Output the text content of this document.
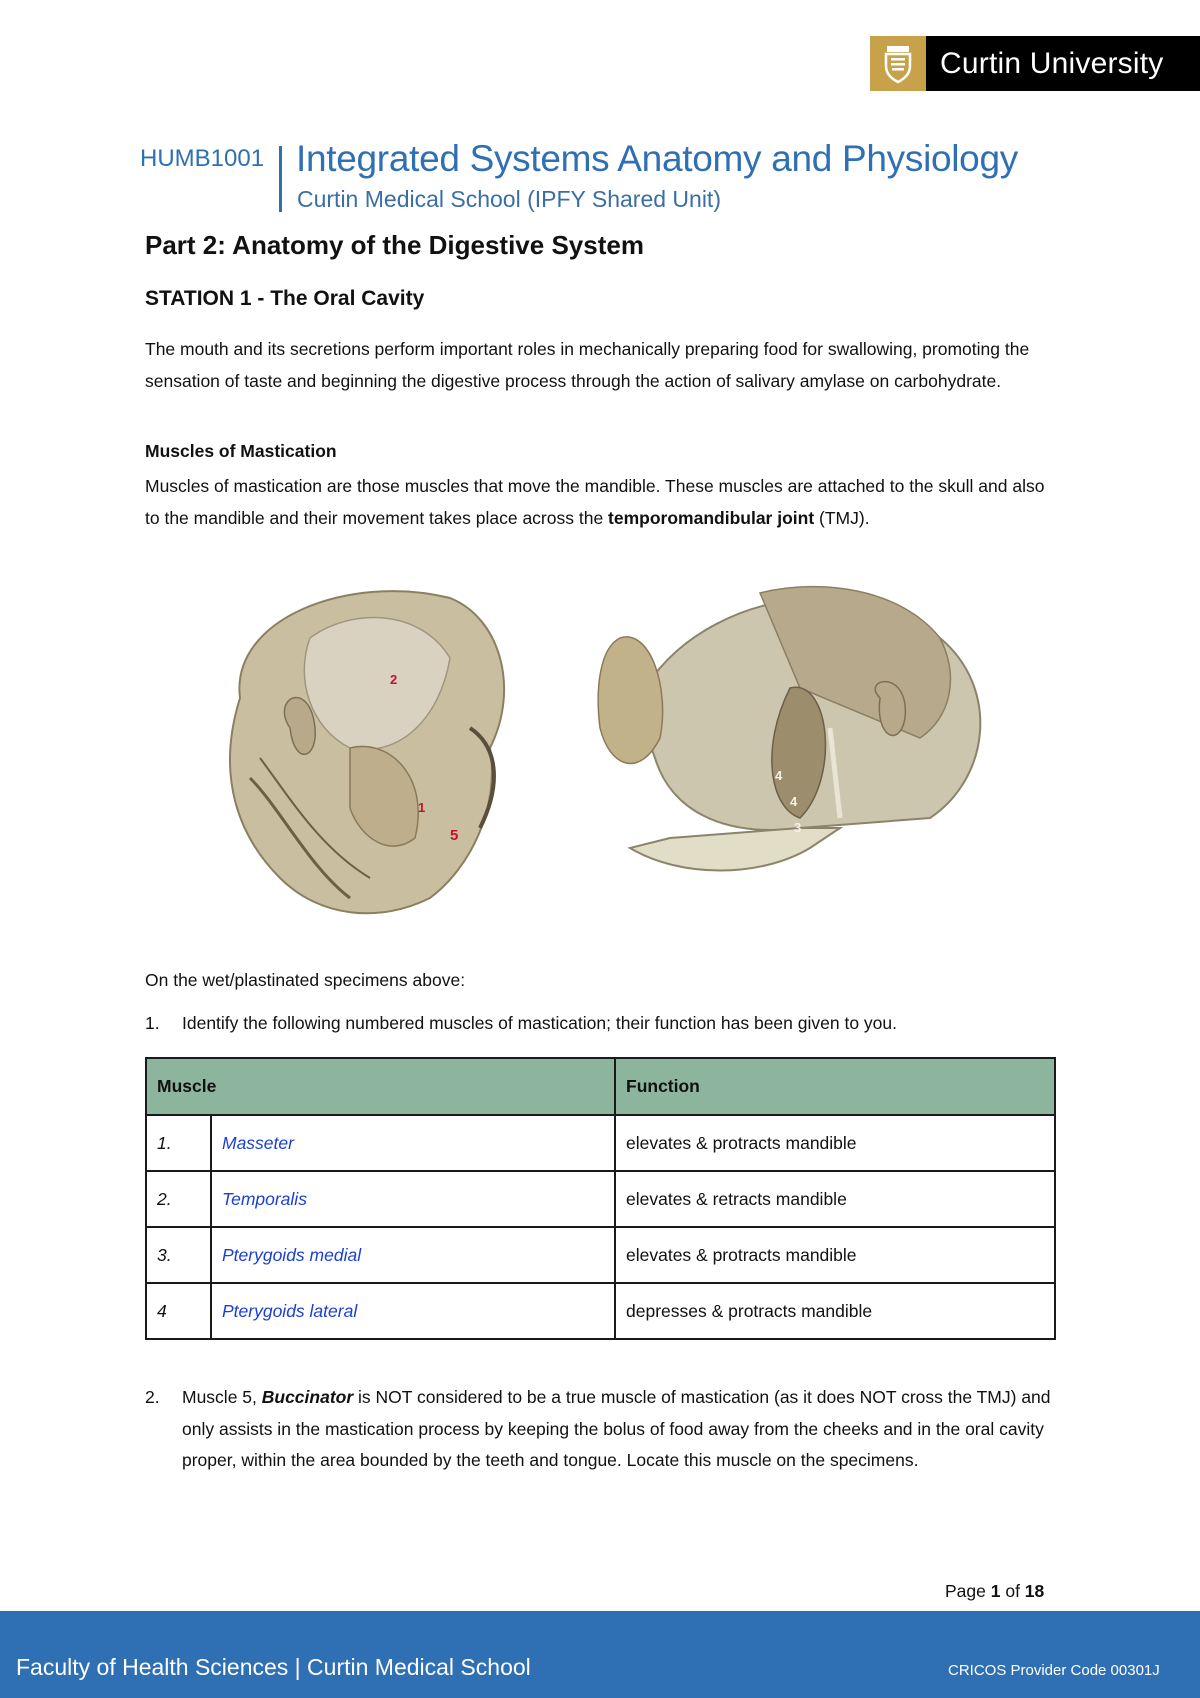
Curtin University
HUMB1001 Integrated Systems Anatomy and Physiology
Curtin Medical School (IPFY Shared Unit)
Part 2: Anatomy of the Digestive System
STATION 1 - The Oral Cavity
The mouth and its secretions perform important roles in mechanically preparing food for swallowing, promoting the sensation of taste and beginning the digestive process through the action of salivary amylase on carbohydrate.
Muscles of Mastication
Muscles of mastication are those muscles that move the mandible. These muscles are attached to the skull and also to the mandible and their movement takes place across the temporomandibular joint (TMJ).
2
1
5
4
4
3
On the wet/plastinated specimens above:
1. Identify the following numbered muscles of mastication; their function has been given to you.
Muscle		Function
1.	Masseter	elevates & protracts mandible
2.	Temporalis	elevates & retracts mandible
3.	Pterygoids medial	elevates & protracts mandible
4	Pterygoids lateral	depresses & protracts mandible
2.	Muscle 5, Buccinator is NOT considered to be a true muscle of mastication (as it does NOT cross the TMJ) and only assists in the mastication process by keeping the bolus of food away from the cheeks and in the oral cavity proper, within the area bounded by the teeth and tongue. Locate this muscle on the specimens.
Page 1 of 18
Faculty of Health Sciences | Curtin Medical School	CRICOS Provider Code 00301J
